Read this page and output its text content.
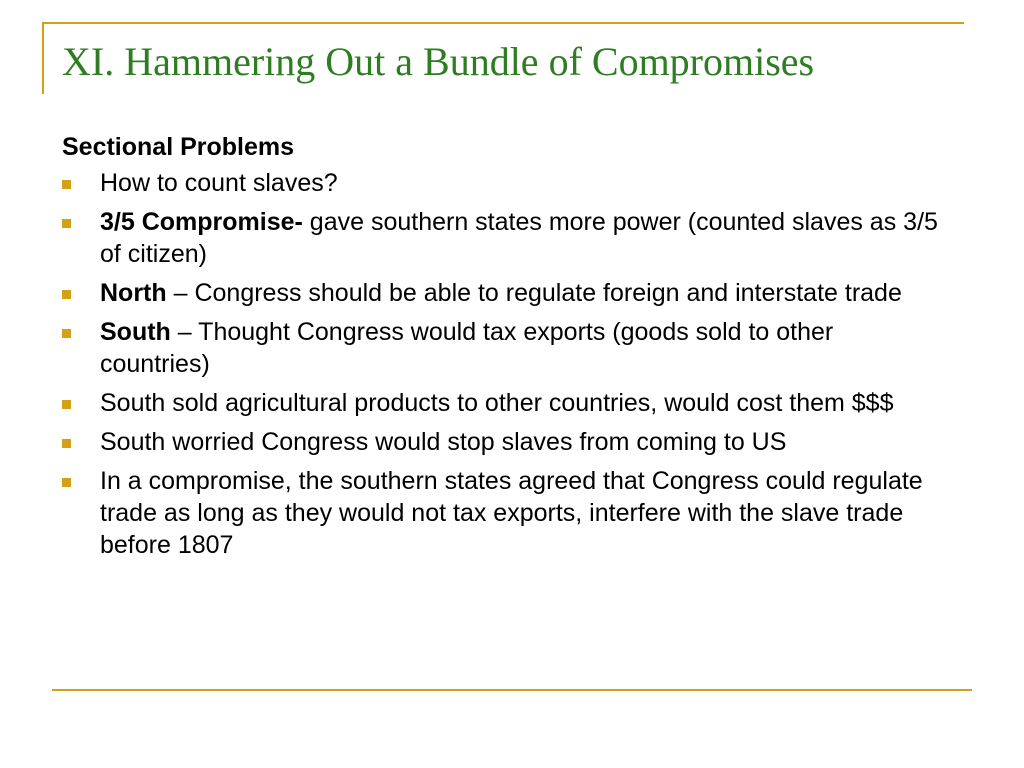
XI. Hammering Out a Bundle of Compromises
Sectional Problems
How to count slaves?
3/5 Compromise- gave southern states more power (counted slaves as 3/5 of citizen)
North – Congress should be able to regulate foreign and interstate trade
South – Thought Congress would tax exports (goods sold to other countries)
South sold agricultural products to other countries, would cost them $$$
South worried Congress would stop slaves from coming to US
In a compromise, the southern states agreed that Congress could regulate trade as long as they would not tax exports, interfere with the slave trade before 1807
